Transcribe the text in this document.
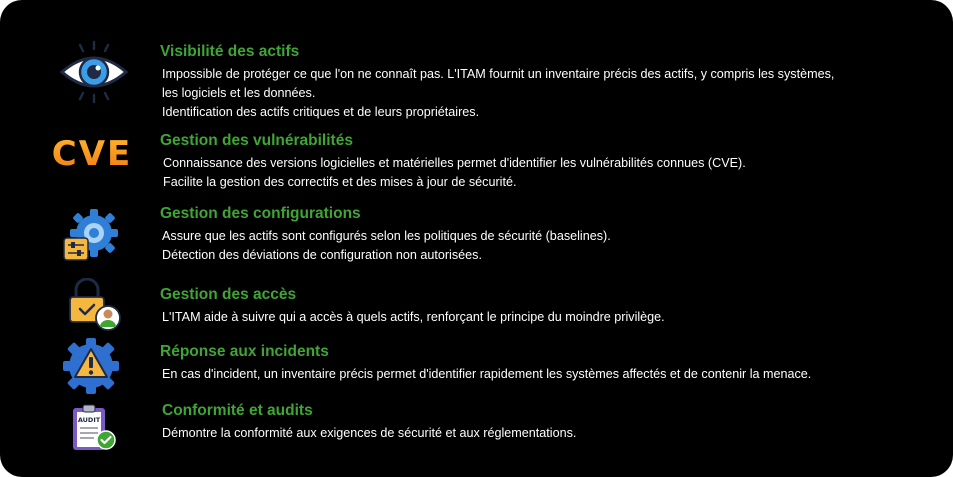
Visibilité des actifs
Impossible de protéger ce que l'on ne connaît pas. L'ITAM fournit un inventaire précis des actifs, y compris les systèmes,
les logiciels et les données.
Identification des actifs critiques et de leurs propriétaires.
CVE Gestion des vulnérabilités
Connaissance des versions logicielles et matérielles permet d'identifier les vulnérabilités connues (CVE).
Facilite la gestion des correctifs et des mises à jour de sécurité.
Gestion des configurations
Assure que les actifs sont configurés selon les politiques de sécurité (baselines).
Détection des déviations de configuration non autorisées.
Gestion des accès
L'ITAM aide à suivre qui a accès à quels actifs, renforçant le principe du moindre privilège.
Réponse aux incidents
En cas d'incident, un inventaire précis permet d'identifier rapidement les systèmes affectés et de contenir la menace.
AUDIT
Conformité et audits
Démontre la conformité aux exigences de sécurité et aux réglementations.
